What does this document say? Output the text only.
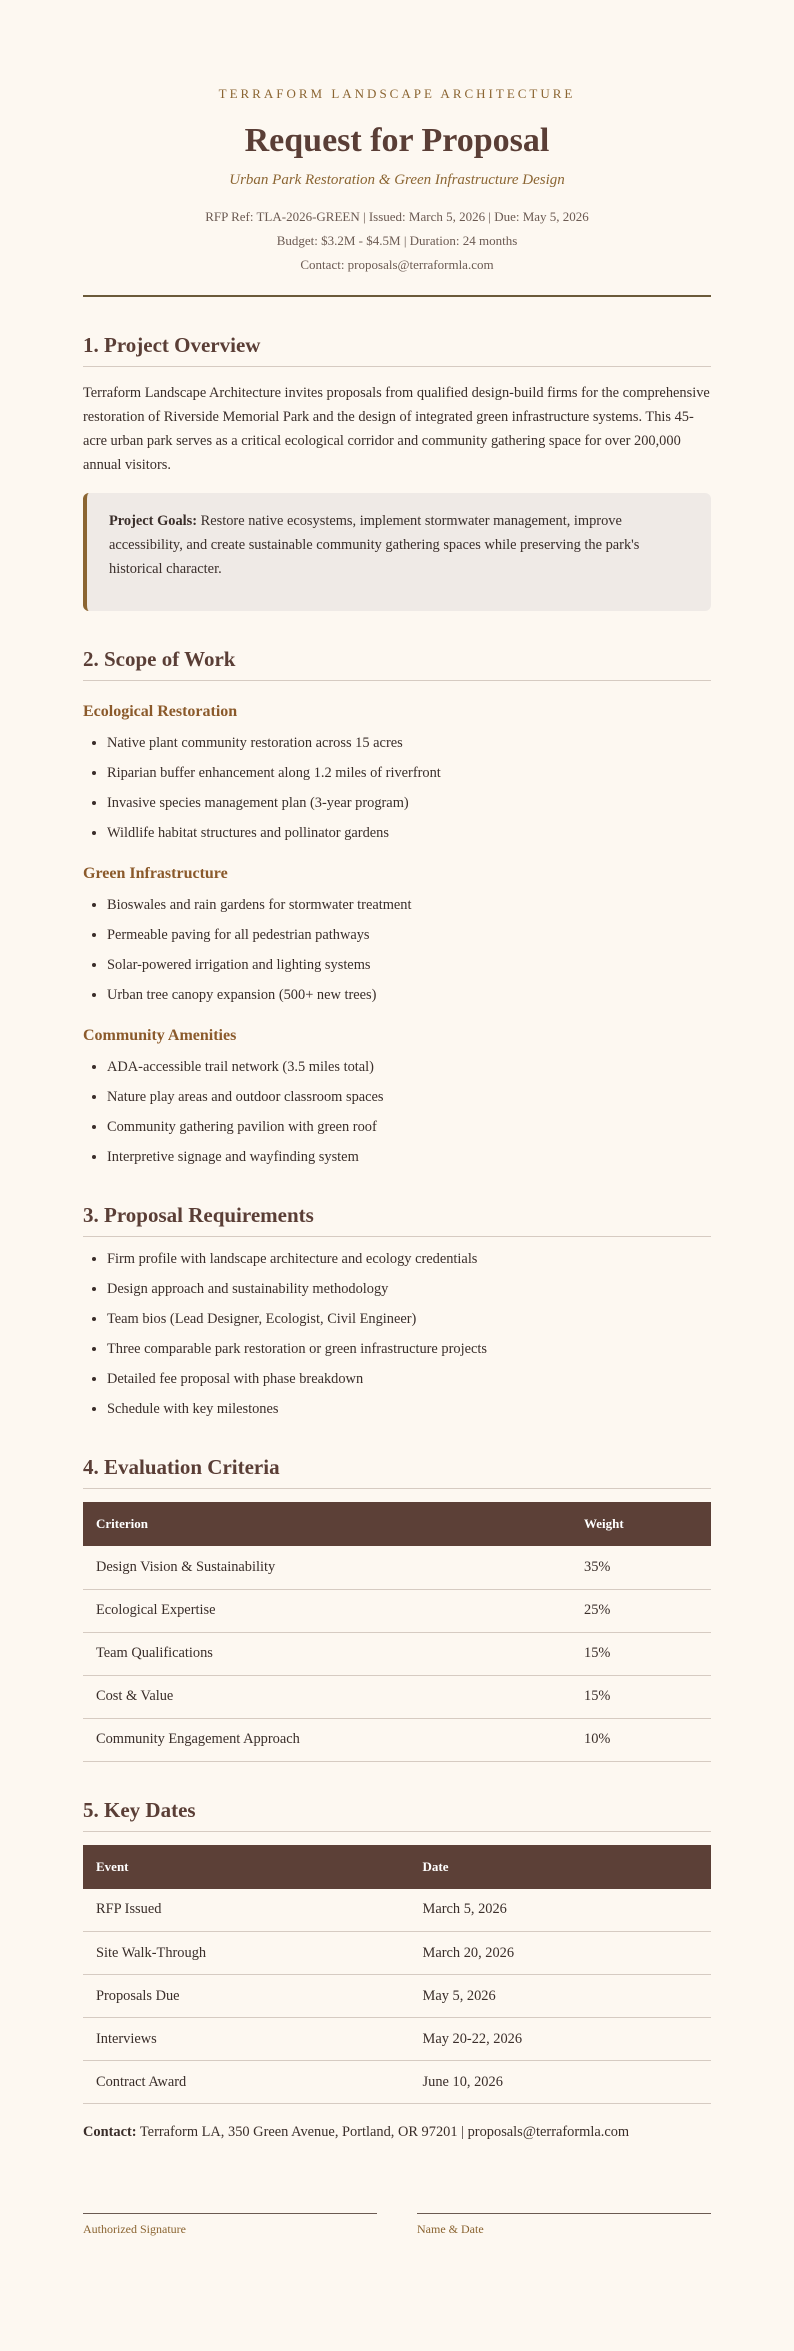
TERRAFORM LANDSCAPE ARCHITECTURE
Request for Proposal
Urban Park Restoration & Green Infrastructure Design
RFP Ref: TLA-2026-GREEN | Issued: March 5, 2026 | Due: May 5, 2026
Budget: $3.2M - $4.5M | Duration: 24 months
Contact: proposals@terraformla.com
1. Project Overview

Terraform Landscape Architecture invites proposals from qualified design-build firms for the comprehensive restoration of Riverside Memorial Park and the design of integrated green infrastructure systems. This 45-acre urban park serves as a critical ecological corridor and community gathering space for over 200,000 annual visitors.

Project Goals: Restore native ecosystems, implement stormwater management, improve accessibility, and create sustainable community gathering spaces while preserving the park's historical character.
2. Scope of Work
Ecological Restoration
• Native plant community restoration across 15 acres
• Riparian buffer enhancement along 1.2 miles of riverfront
• Invasive species management plan (3-year program)
• Wildlife habitat structures and pollinator gardens
Green Infrastructure
• Bioswales and rain gardens for stormwater treatment
• Permeable paving for all pedestrian pathways
• Solar-powered irrigation and lighting systems
• Urban tree canopy expansion (500+ new trees)
Community Amenities
• ADA-accessible trail network (3.5 miles total)
• Nature play areas and outdoor classroom spaces
• Community gathering pavilion with green roof
• Interpretive signage and wayfinding system
3. Proposal Requirements
• Firm profile with landscape architecture and ecology credentials
• Design approach and sustainability methodology
• Team bios (Lead Designer, Ecologist, Civil Engineer)
• Three comparable park restoration or green infrastructure projects
• Detailed fee proposal with phase breakdown
• Schedule with key milestones
4. Evaluation Criteria
Criterion	Weight
Design Vision & Sustainability	35%
Ecological Expertise	25%
Team Qualifications	15%
Cost & Value	15%
Community Engagement Approach	10%
5. Key Dates
Event	Date
RFP Issued	March 5, 2026
Site Walk-Through	March 20, 2026
Proposals Due	May 5, 2026
Interviews	May 20-22, 2026
Contract Award	June 10, 2026

Contact: Terraform LA, 350 Green Avenue, Portland, OR 97201 | proposals@terraformla.com

Authorized Signature	Name & Date
